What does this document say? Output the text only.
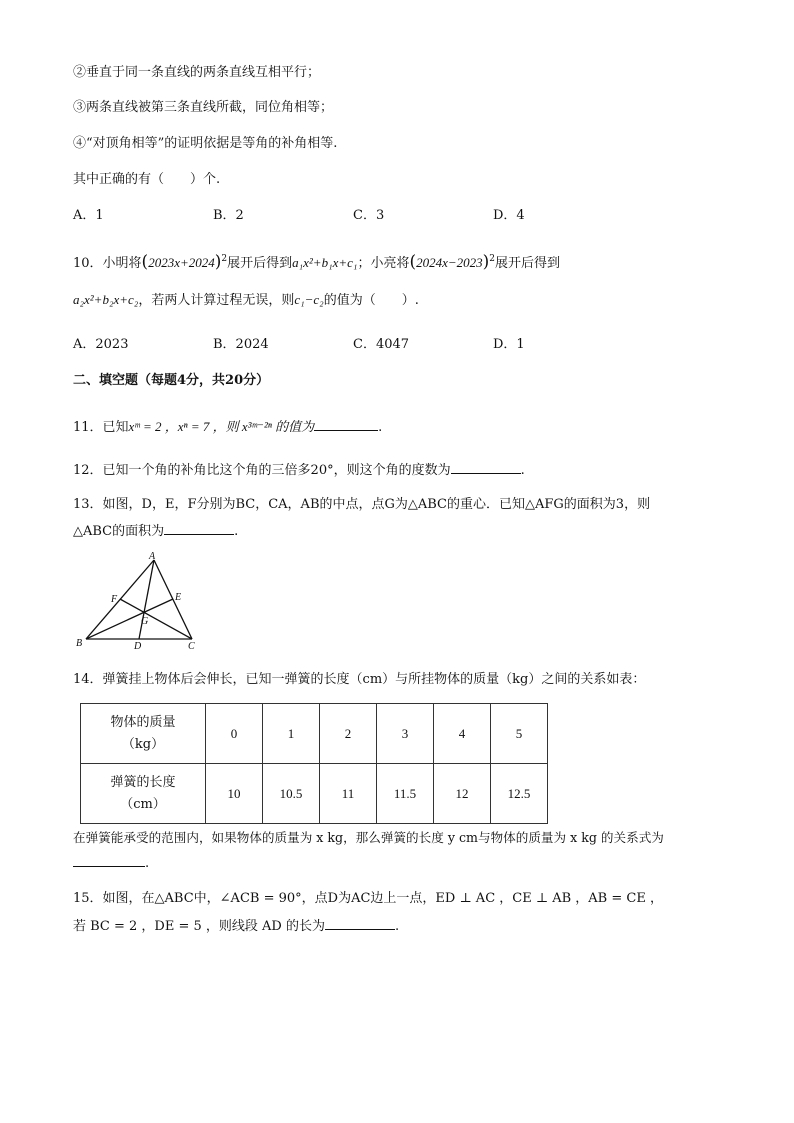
②垂直于同一条直线的两条直线互相平行；
③两条直线被第三条直线所截，同位角相等；
④“对顶角相等”的证明依据是等角的补角相等.
其中正确的有（　　）个.
A．1	B．2	C．3	D．4
10．小明将$(2023x+2024)^2$展开后得到a₁x²+b₁x+c₁；小亮将$(2024x-2023)^2$展开后得到
a₂x²+b₂x+c₂，若两人计算过程无误，则c₁−c₂的值为（　　）.
A．2023	B．2024	C．4047	D．1
二、填空题（每题4分，共20分）
11．已知xᵐ = 2 ，xⁿ = 7 ，则 x³ᵐ⁻²ⁿ 的值为	.
12．已知一个角的补角比这个角的三倍多20°，则这个角的度数为	.
13．如图，D，E，F分别为BC，CA，AB的中点，点G为△ABC的重心．已知△AFG的面积为3，则
△ABC的面积为	.
A
B	C
D
E
F
G
14．弹簧挂上物体后会伸长，已知一弹簧的长度（cm）与所挂物体的质量（kg）之间的关系如表：
物体的质量
（kg）	0	1	2	3	4	5
弹簧的长度
（cm）	10	10.5	11	11.5	12	12.5
在弹簧能承受的范围内，如果物体的质量为 x kg，那么弹簧的长度 y cm与物体的质量为 x kg 的关系式为
.
15．如图，在△ABC中，∠ACB = 90°，点D为AC边上一点，ED ⊥ AC ，CE ⊥ AB ，AB = CE ，
若 BC = 2 ，DE = 5 ，则线段 AD 的长为	.
